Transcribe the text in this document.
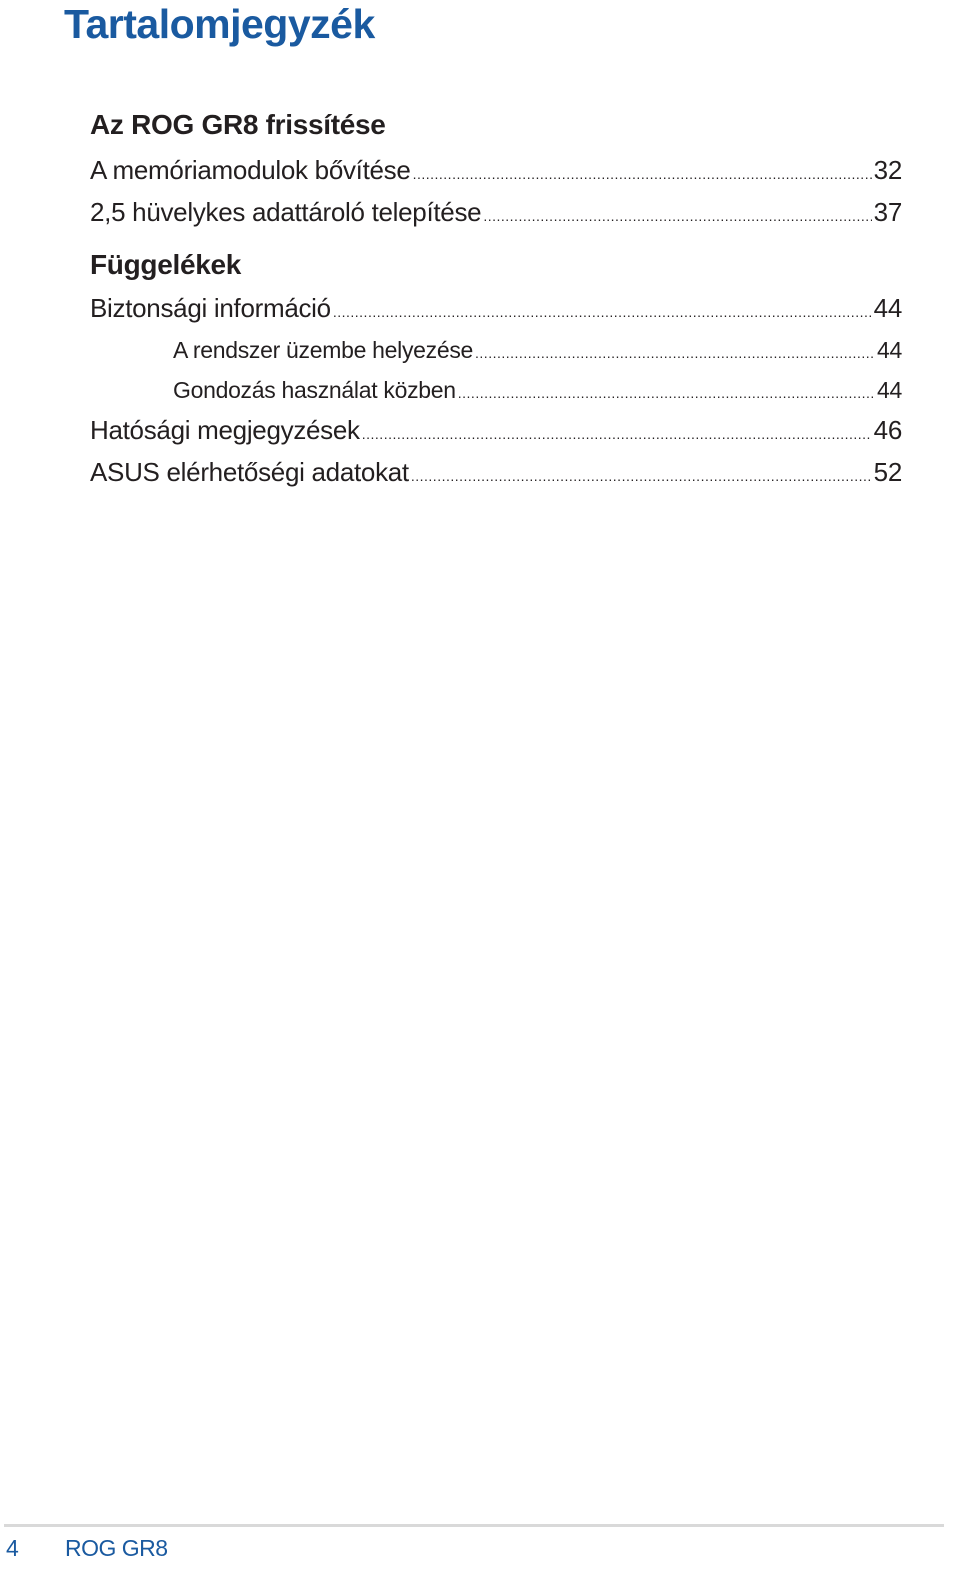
Tartalomjegyzék
Az ROG GR8 frissítése
A memóriamodulok bővítése .....	32
2,5 hüvelykes adattároló telepítése .....	37
Függelékek
Biztonsági információ .....	44
A rendszer üzembe helyezése .....	44
Gondozás használat közben .....	44
Hatósági megjegyzések .....	46
ASUS elérhetőségi adatokat .....	52
4 ROG GR8
